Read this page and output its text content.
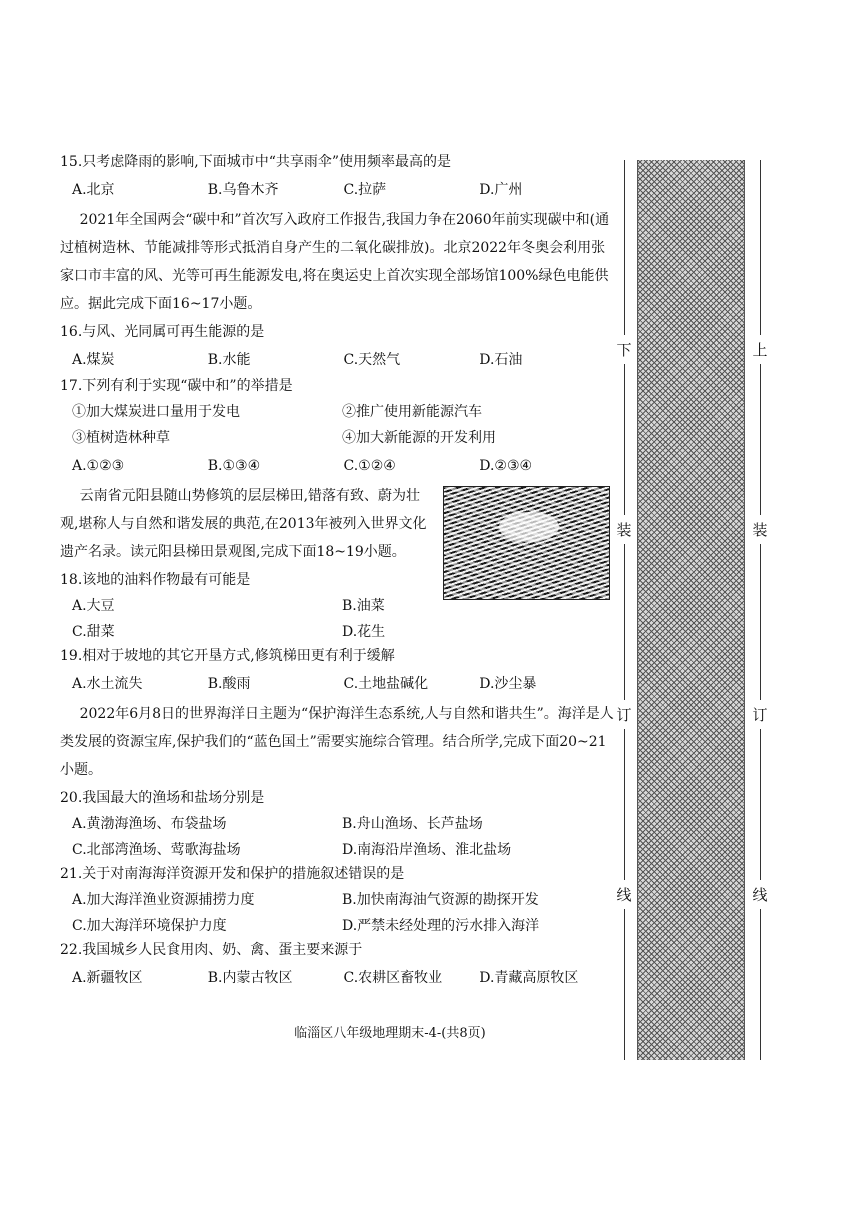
15.只考虑降雨的影响,下面城市中“共享雨伞”使用频率最高的是

A.北京	B.乌鲁木齐	C.拉萨	D.广州

2021年全国两会“碳中和”首次写入政府工作报告,我国力争在2060年前实现碳中和(通过植树造林、节能减排等形式抵消自身产生的二氧化碳排放)。北京2022年冬奥会利用张家口市丰富的风、光等可再生能源发电,将在奥运史上首次实现全部场馆100%绿色电能供应。据此完成下面16~17小题。

16.与风、光同属可再生能源的是

A.煤炭	B.水能	C.天然气	D.石油

17.下列有利于实现“碳中和”的举措是

①加大煤炭进口量用于发电	②推广使用新能源汽车
③植树造林种草	④加大新能源的开发利用
A.①②③	B.①③④	C.①②④	D.②③④

云南省元阳县随山势修筑的层层梯田,错落有致、蔚为壮观,堪称人与自然和谐发展的典范,在2013年被列入世界文化遗产名录。读元阳县梯田景观图,完成下面18~19小题。

18.该地的油料作物最有可能是

A.大豆	B.油菜
C.甜菜	D.花生

19.相对于坡地的其它开垦方式,修筑梯田更有利于缓解

A.水土流失	B.酸雨	C.土地盐碱化	D.沙尘暴

2022年6月8日的世界海洋日主题为“保护海洋生态系统,人与自然和谐共生”。海洋是人类发展的资源宝库,保护我们的“蓝色国土”需要实施综合管理。结合所学,完成下面20~21小题。

20.我国最大的渔场和盐场分别是

A.黄渤海渔场、布袋盐场	B.舟山渔场、长芦盐场
C.北部湾渔场、莺歌海盐场	D.南海沿岸渔场、淮北盐场

21.关于对南海海洋资源开发和保护的措施叙述错误的是

A.加大海洋渔业资源捕捞力度	B.加快南海油气资源的勘探开发
C.加大海洋环境保护力度	D.严禁未经处理的污水排入海洋

22.我国城乡人民食用肉、奶、禽、蛋主要来源于

A.新疆牧区	B.内蒙古牧区	C.农耕区畜牧业	D.青藏高原牧区
临淄区八年级地理期末-4-(共8页)
下
装
订
线
上
装
订
线
